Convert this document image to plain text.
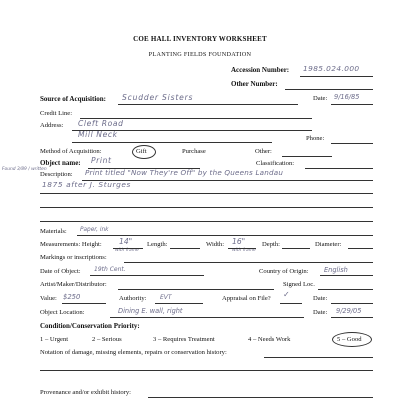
COE HALL INVENTORY WORKSHEET
PLANTING FIELDS FOUNDATION
Accession Number: 1985.024.000
Other Number:
Source of Acquisition: Scudder Sisters	Date: 9/16/85
Credit Line:
Address: Cleft Road
Mill Neck	Phone:
Method of Acquisition:	Gift	Purchase	Other:
Object name: Print	Classification:
Found 3/89 / written
Description: Print titled "Now They're Off" by the Queens Landau
1875 after J. Sturges
Materials: Paper, ink
Measurements: Height: 14"
with frame
Length:	Width: 16"
with frame
Depth:	Diameter:
Markings or inscriptions:
Date of Object: 19th Cent.	Country of Origin: English
Artist/Maker/Distributor:	Signed Loc.
Value: $250	Authority: EVT	Appraisal on File? ✓	Date:
Object Location:	Dining E. wall, right	Date: 9/29/05
Condition/Conservation Priority:
1 – Urgent	2 – Serious	3 – Requires Treatment	4 – Needs Work	5 – Good
Notation of damage, missing elements, repairs or conservation history:
Provenance and/or exhibit history:
